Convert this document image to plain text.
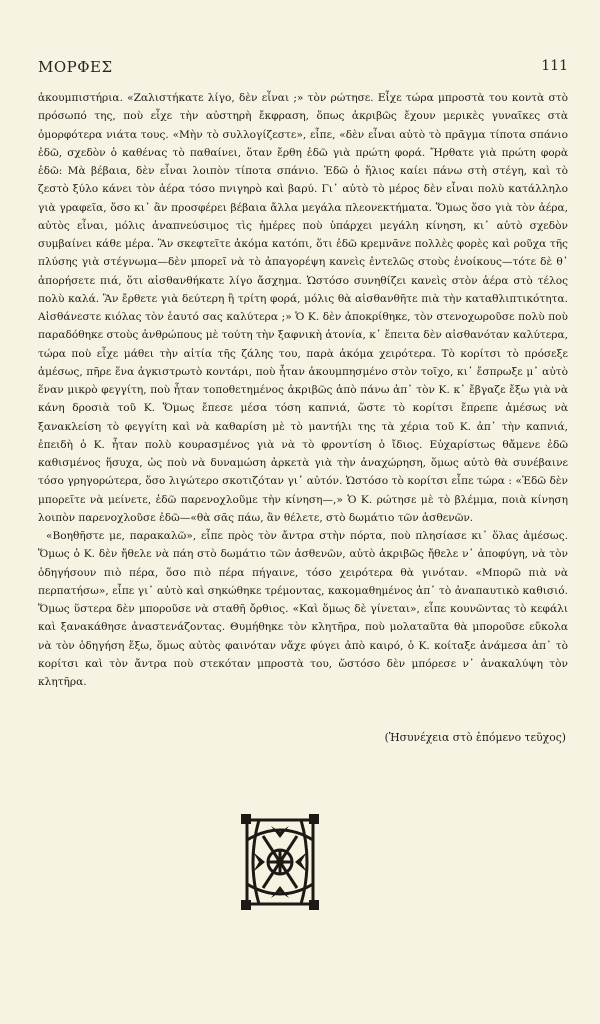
ΜΟΡΦΕΣ	111

ἀκουμπιστήρια. «Ζαλιστήκατε λίγο, δὲν εἶναι ;» τὸν ρώτησε. Εἶχε τώρα μπροστὰ του κοντὰ στὸ πρόσωπό της, ποὺ εἶχε τὴν αὐστηρὴ ἔκφραση, ὅπως ἀκριβῶς ἔχουν μερικὲς γυναῖκες στὰ ὀμορφότερα νιάτα τους. «Μὴν τὸ συλλογίζεστε», εἶπε, «δὲν εἶναι αὐτὸ τὸ πρᾶγμα τίποτα σπάνιο ἐδῶ, σχεδὸν ὁ καθένας τὸ παθαίνει, ὅταν ἔρθη ἐδῶ γιὰ πρώτη φορά. Ἤρθατε γιὰ πρώτη φορὰ ἐδῶ: Μὰ βέβαια, δὲν εἶναι λοιπὸν τίποτα σπάνιο. Ἐδῶ ὁ ἥλιος καίει πάνω στὴ στέγη, καὶ τὸ ζεστὸ ξύλο κάνει τὸν ἀέρα τόσο πνιγηρὸ καὶ βαρύ. Γι᾿ αὐτὸ τὸ μέρος δὲν εἶναι πολὺ κατάλληλο γιὰ γραφεῖα, ὅσο κι᾿ ἂν προσφέρει βέβαια ἄλλα μεγάλα πλεονεκτήματα. Ὅμως ὅσο γιὰ τὸν ἀέρα, αὐτὸς εἶναι, μόλις ἀναπνεύσιμος τὶς ἡμέρες ποὺ ὑπάρχει μεγάλη κίνηση, κι᾿ αὐτὸ σχεδὸν συμβαίνει κάθε μέρα. Ἂν σκεφτεῖτε ἀκόμα κατόπι, ὅτι ἐδῶ κρεμνᾶνε πολλὲς φορὲς καὶ ροῦχα τῆς πλύσης γιὰ στέγνωμα—δὲν μπορεῖ νὰ τὸ ἀπαγορέψη κανεὶς ἐντελῶς στοὺς ἐνοίκους—τότε δὲ θ᾿ ἀπορήσετε πιά, ὅτι αἰσθανθήκατε λίγο ἄσχημα. Ὡστόσο συνηθίζει κανεὶς στὸν ἀέρα στὸ τέλος πολὺ καλά. Ἂν ἔρθετε γιὰ δεύτερη ἢ τρίτη φορά, μόλις θὰ αἰσθανθῆτε πιὰ τὴν καταθλιπτικότητα. Αἰσθάνεστε κιόλας τὸν ἑαυτό σας καλύτερα ;» Ὁ Κ. δὲν ἀποκρίθηκε, τὸν στενοχωροῦσε πολὺ ποὺ παραδόθηκε στοὺς ἀνθρώπους μὲ τούτη τὴν ξαφνικὴ ἀτονία, κ᾿ ἔπειτα δὲν αἰσθανόταν καλύτερα, τώρα ποὺ εἶχε μάθει τὴν αἰτία τῆς ζάλης του, παρὰ ἀκόμα χειρότερα. Τὸ κορίτσι τὸ πρόσεξε ἀμέσως, πῆρε ἕνα ἀγκιστρωτὸ κοντάρι, ποὺ ἦταν ἀκουμπησμένο στὸν τοῖχο, κι᾿ ἔσπρωξε μ᾿ αὐτὸ ἕναν μικρὸ φεγγίτη, ποὺ ἦταν τοποθετημένος ἀκριβῶς ἀπὸ πάνω ἀπ᾿ τὸν Κ. κ᾿ ἔβγαζε ἔξω γιὰ νὰ κάνη δροσιὰ τοῦ Κ. Ὅμως ἔπεσε μέσα τόση καπνιά, ὥστε τὸ κορίτσι ἔπρεπε ἀμέσως νὰ ξανακλείση τὸ φεγγίτη καὶ νὰ καθαρίση μὲ τὸ μαντήλι της τὰ χέρια τοῦ Κ. ἀπ᾿ τὴν καπνιά, ἐπειδὴ ὁ Κ. ἦταν πολὺ κουρασμένος γιὰ νὰ τὸ φροντίση ὁ ἴδιος. Εὐχαρίστως θἄμενε ἐδῶ καθισμένος ἥσυχα, ὡς ποὺ νὰ δυναμώση ἀρκετὰ γιὰ τὴν ἀναχώρηση, ὅμως αὐτὸ θὰ συνέβαινε τόσο γρηγορώτερα, ὅσο λιγώτερο σκοτιζόταν γι᾿ αὐτόν. Ὡστόσο τὸ κορίτσι εἶπε τώρα : «Ἐδῶ δὲν μπορεῖτε νὰ μείνετε, ἐδῶ παρενοχλοῦμε τὴν κίνηση—,» Ὁ Κ. ρώτησε μὲ τὸ βλέμμα, ποιὰ κίνηση λοιπὸν παρενοχλοῦσε ἐδῶ—«θὰ σᾶς πάω, ἂν θέλετε, στὸ δωμάτιο τῶν ἀσθενῶν.

«Βοηθῆστε με, παρακαλῶ», εἶπε πρὸς τὸν ἄντρα στὴν πόρτα, ποὺ πλησίασε κι᾿ ὅλας ἀμέσως. Ὅμως ὁ Κ. δὲν ἤθελε νὰ πάη στὸ δωμάτιο τῶν ἀσθενῶν, αὐτὸ ἀκριβῶς ἤθελε ν᾿ ἀποφύγη, νὰ τὸν ὁδηγήσουν πιὸ πέρα, ὅσο πιὸ πέρα πήγαινε, τόσο χειρότερα θὰ γινόταν. «Μπορῶ πιὰ νὰ περπατήσω», εἶπε γι᾿ αὐτὸ καὶ σηκώθηκε τρέμοντας, κακομαθημένος ἀπ᾿ τὸ ἀναπαυτικὸ καθισιό. Ὅμως ὕστερα δὲν μποροῦσε νὰ σταθῆ ὄρθιος. «Καὶ ὅμως δὲ γίνεται», εἶπε κουνῶντας τὸ κεφάλι καὶ ξανακάθησε ἀναστενάζοντας. Θυμήθηκε τὸν κλητῆρα, ποὺ μολαταῦτα θὰ μποροῦσε εὔκολα νὰ τὸν ὁδηγήση ἔξω, ὅμως αὐτὸς φαινόταν νἄχε φύγει ἀπὸ καιρό, ὁ Κ. κοίταξε ἀνάμεσα ἀπ᾿ τὸ κορίτσι καὶ τὸν ἄντρα ποὺ στεκόταν μπροστὰ του, ὥστόσο δὲν μπόρεσε ν᾿ ἀνακαλύψη τὸν κλητῆρα.

(Ἠσυνέχεια στὸ ἑπόμενο τεῦχος)
